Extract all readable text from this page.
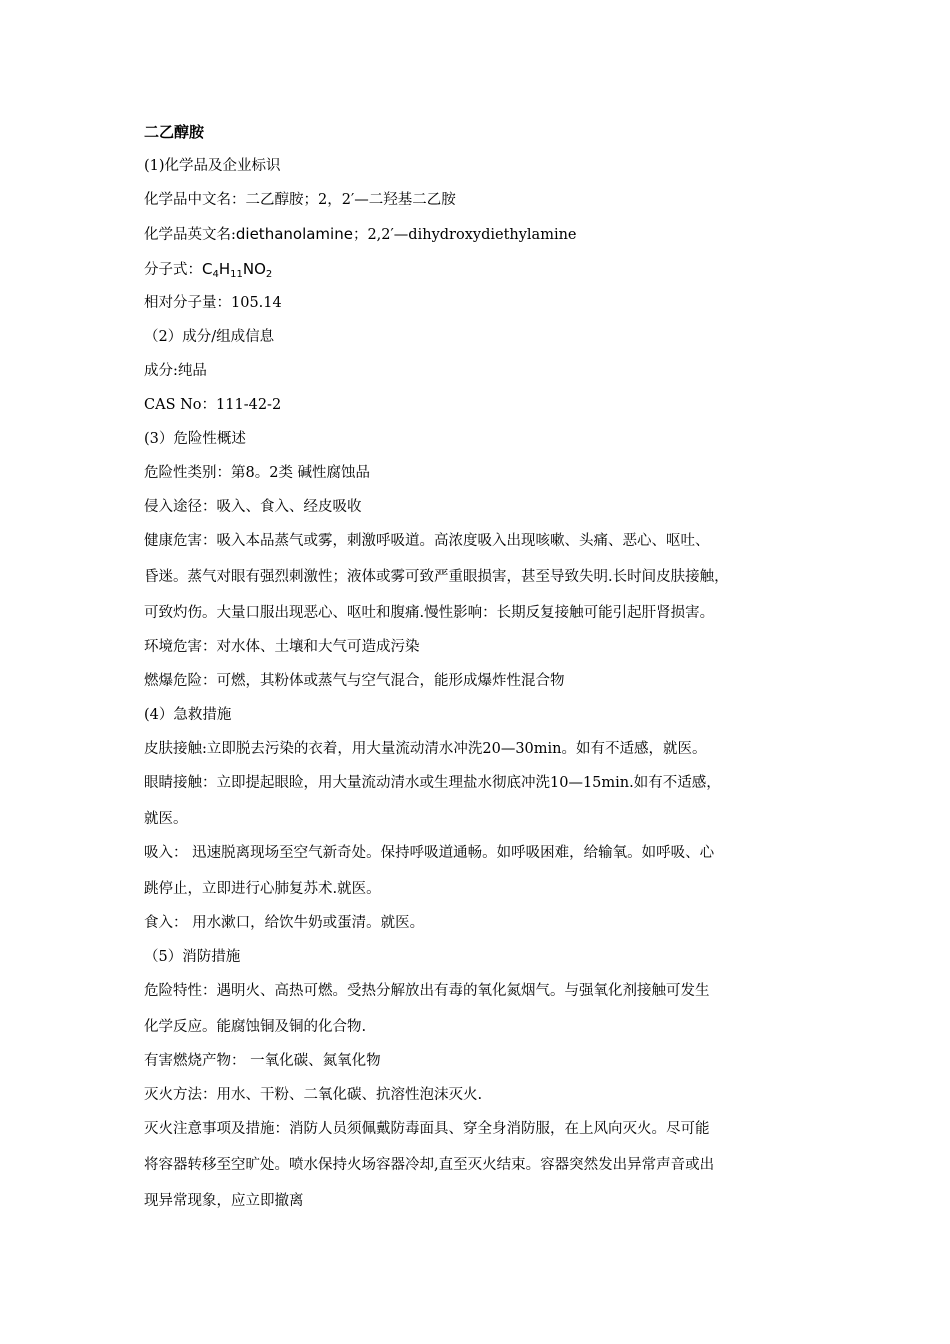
二乙醇胺
(1)化学品及企业标识
化学品中文名：二乙醇胺；2，2′—二羟基二乙胺
化学品英文名:diethanolamine；2,2′—dihydroxydiethylamine
分子式：$C_4H_{11}NO_2$
相对分子量：105.14
（2）成分/组成信息
成分:纯品
CAS No：111-42-2
(3）危险性概述
危险性类别：第8。2类 碱性腐蚀品
侵入途径：吸入、食入、经皮吸收
健康危害：吸入本品蒸气或雾，刺激呼吸道。高浓度吸入出现咳嗽、头痛、恶心、呕吐、
昏迷。蒸气对眼有强烈刺激性；液体或雾可致严重眼损害，甚至导致失明.长时间皮肤接触，
可致灼伤。大量口服出现恶心、呕吐和腹痛.慢性影响：长期反复接触可能引起肝肾损害。
环境危害：对水体、土壤和大气可造成污染
燃爆危险：可燃，其粉体或蒸气与空气混合，能形成爆炸性混合物
(4）急救措施
皮肤接触:立即脱去污染的衣着，用大量流动清水冲洗20—30min。如有不适感，就医。
眼睛接触：立即提起眼睑，用大量流动清水或生理盐水彻底冲洗10—15min.如有不适感，
就医。
吸入： 迅速脱离现场至空气新奇处。保持呼吸道通畅。如呼吸困难，给输氧。如呼吸、心
跳停止，立即进行心肺复苏术.就医。
食入： 用水漱口，给饮牛奶或蛋清。就医。
（5）消防措施
危险特性：遇明火、高热可燃。受热分解放出有毒的氧化氮烟气。与强氧化剂接触可发生
化学反应。能腐蚀铜及铜的化合物.
有害燃烧产物： 一氧化碳、氮氧化物
灭火方法：用水、干粉、二氧化碳、抗溶性泡沫灭火.
灭火注意事项及措施：消防人员须佩戴防毒面具、穿全身消防服，在上风向灭火。尽可能
将容器转移至空旷处。喷水保持火场容器冷却,直至灭火结束。容器突然发出异常声音或出
现异常现象，应立即撤离
